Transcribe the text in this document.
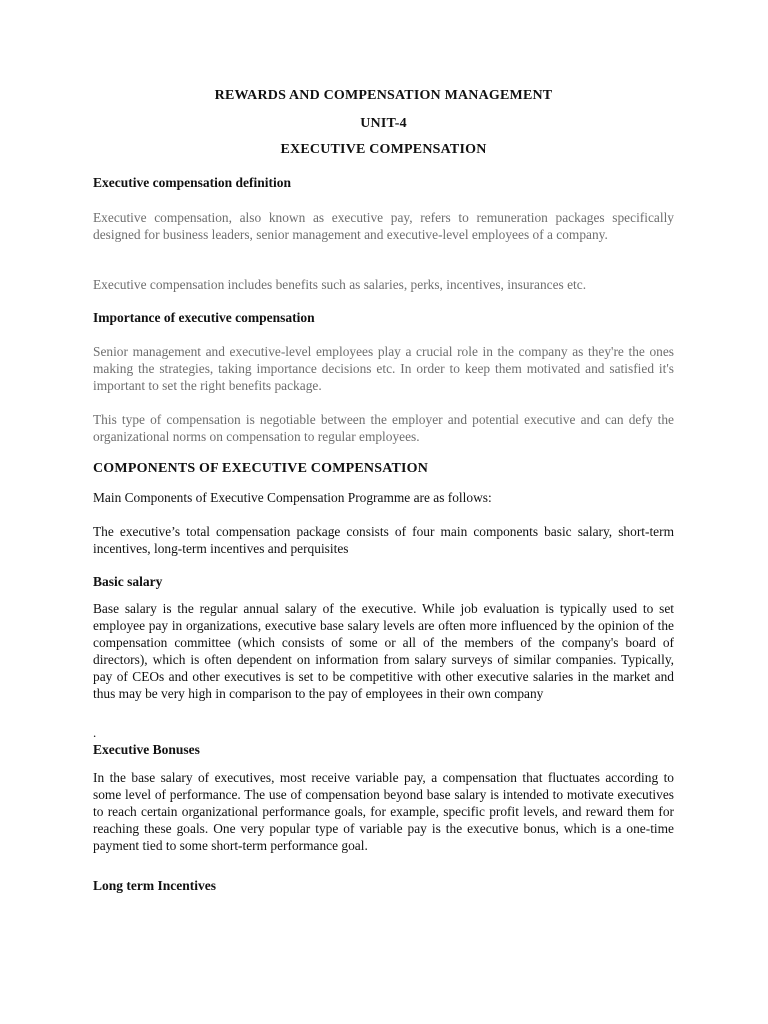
REWARDS AND COMPENSATION MANAGEMENT
UNIT-4
EXECUTIVE COMPENSATION
Executive compensation definition

Executive compensation, also known as executive pay, refers to remuneration packages specifically designed for business leaders, senior management and executive-level employees of a company.

Executive compensation includes benefits such as salaries, perks, incentives, insurances etc.

Importance of executive compensation

Senior management and executive-level employees play a crucial role in the company as they're the ones making the strategies, taking importance decisions etc. In order to keep them motivated and satisfied it's important to set the right benefits package.

This type of compensation is negotiable between the employer and potential executive and can defy the organizational norms on compensation to regular employees.

COMPONENTS OF EXECUTIVE COMPENSATION

Main Components of Executive Compensation Programme are as follows:

The executive’s total compensation package consists of four main components basic salary, short-term incentives, long-term incentives and perquisites

Basic salary

Base salary is the regular annual salary of the executive. While job evaluation is typically used to set employee pay in organizations, executive base salary levels are often more influenced by the opinion of the compensation committee (which consists of some or all of the members of the company's board of directors), which is often dependent on information from salary surveys of similar companies. Typically, pay of CEOs and other executives is set to be competitive with other executive salaries in the market and thus may be very high in comparison to the pay of employees in their own company

.
Executive Bonuses

In the base salary of executives, most receive variable pay, a compensation that fluctuates according to some level of performance. The use of compensation beyond base salary is intended to motivate executives to reach certain organizational performance goals, for example, specific profit levels, and reward them for reaching these goals. One very popular type of variable pay is the executive bonus, which is a one-time payment tied to some short-term performance goal.

Long term Incentives
